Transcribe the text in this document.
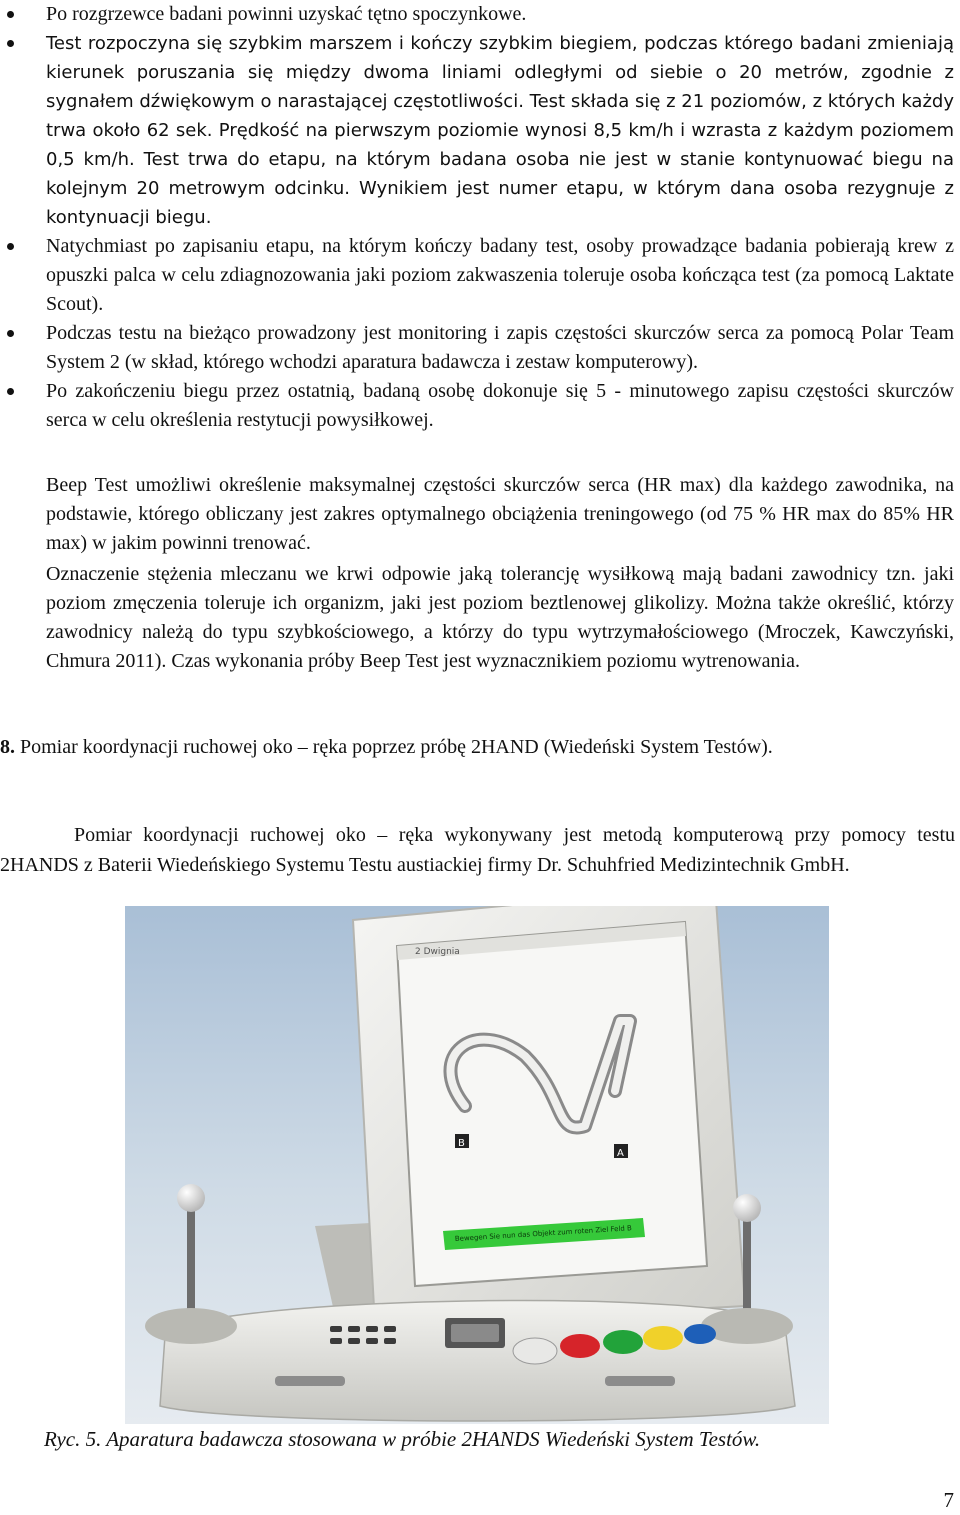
Po rozgrzewce badani powinni uzyskać tętno spoczynkowe.
Test rozpoczyna się szybkim marszem i kończy szybkim biegiem, podczas którego badani zmieniają kierunek poruszania się między dwoma liniami odległymi od siebie o 20 metrów, zgodnie z sygnałem dźwiękowym o narastającej częstotliwości. Test składa się z 21 poziomów, z których każdy trwa około 62 sek. Prędkość na pierwszym poziomie wynosi 8,5 km/h i wzrasta z każdym poziomem 0,5 km/h. Test trwa do etapu, na którym badana osoba nie jest w stanie kontynuować biegu na kolejnym 20 metrowym odcinku. Wynikiem jest numer etapu, w którym dana osoba rezygnuje z kontynuacji biegu.
Natychmiast po zapisaniu etapu, na którym kończy badany test, osoby prowadzące badania pobierają krew z opuszki palca w celu zdiagnozowania jaki poziom zakwaszenia toleruje osoba kończąca test (za pomocą Laktate Scout).
Podczas testu na bieżąco prowadzony jest monitoring i zapis częstości skurczów serca za pomocą Polar Team System 2 (w skład, którego wchodzi aparatura badawcza i zestaw komputerowy).
Po zakończeniu biegu przez ostatnią, badaną osobę dokonuje się 5 - minutowego zapisu częstości skurczów serca w celu określenia restytucji powysiłkowej.

Beep Test umożliwi określenie maksymalnej częstości skurczów serca (HR max) dla każdego zawodnika, na podstawie, którego obliczany jest zakres optymalnego obciążenia treningowego (od 75 % HR max do 85% HR max) w jakim powinni trenować.

Oznaczenie stężenia mleczanu we krwi odpowie jaką tolerancję wysiłkową mają badani zawodnicy tzn. jaki poziom zmęczenia toleruje ich organizm, jaki jest poziom beztlenowej glikolizy. Można także określić, którzy zawodnicy należą do typu szybkościowego, a którzy do typu wytrzymałościowego (Mroczek, Kawczyński, Chmura 2011). Czas wykonania próby Beep Test jest wyznacznikiem poziomu wytrenowania.

8. Pomiar koordynacji ruchowej oko – ręka poprzez próbę 2HAND (Wiedeński System Testów).

Pomiar koordynacji ruchowej oko – ręka wykonywany jest metodą komputerową przy pomocy testu 2HANDS z Baterii Wiedeńskiego Systemu Testu austiackiej firmy Dr. Schuhfried Medizintechnik GmbH.

2 Dwignia
B
A
Bewegen Sie nun das Objekt zum roten Ziel Feld B

Ryc. 5. Aparatura badawcza stosowana w próbie 2HANDS Wiedeński System Testów.

7
